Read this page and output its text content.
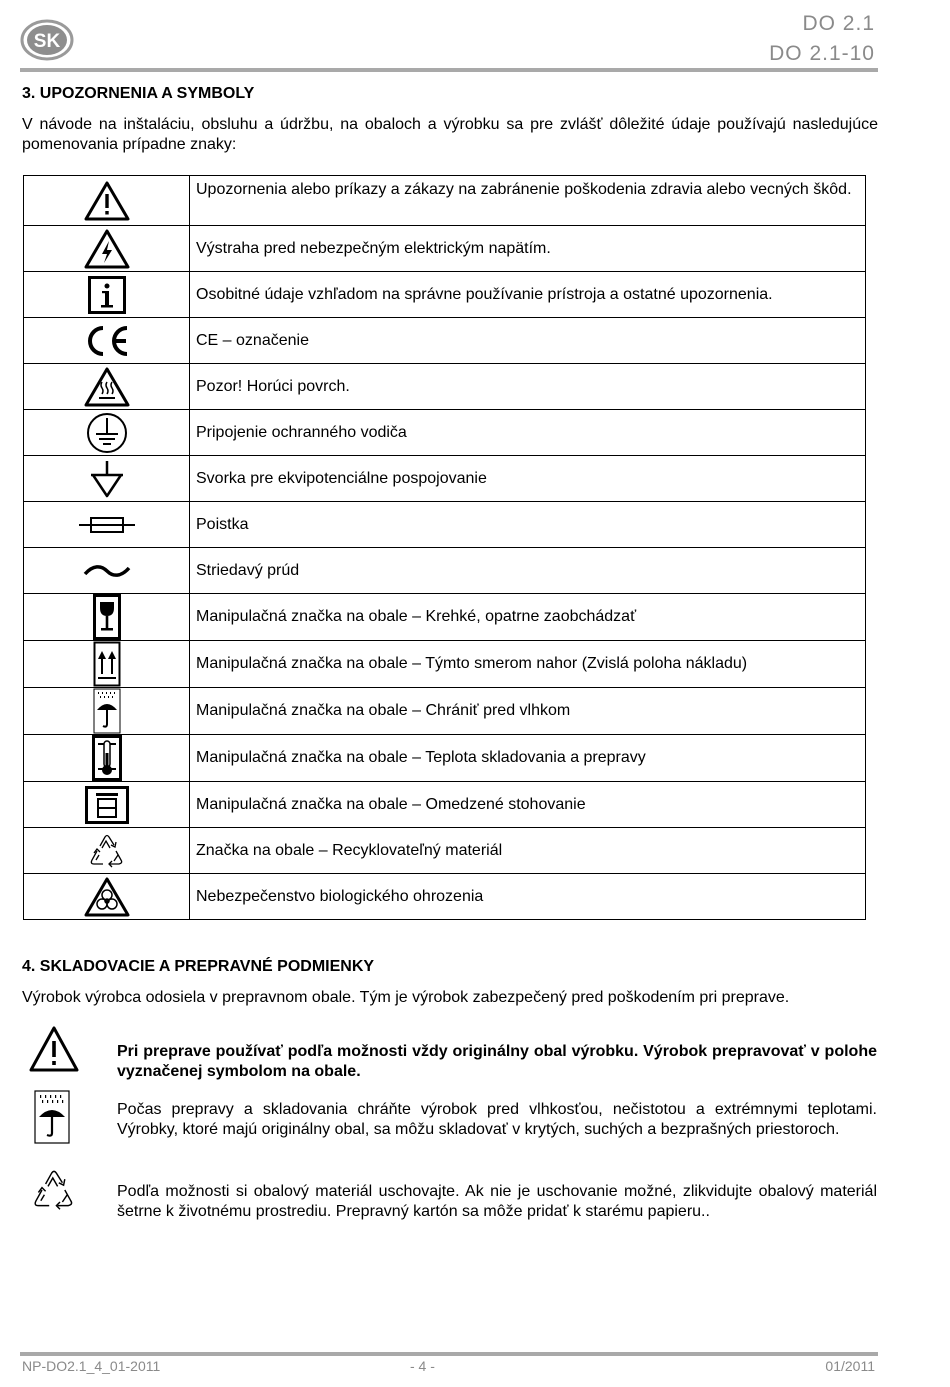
SK
DO 2.1
DO 2.1-10
3. UPOZORNENIA A SYMBOLY
V návode na inštaláciu, obsluhu a údržbu, na obaloch a výrobku sa pre zvlášť dôležité údaje používajú nasledujúce pomenovania prípadne znaky:
	Upozornenia alebo príkazy a zákazy na zabránenie poškodenia zdravia alebo vecných škôd.

	Výstraha pred nebezpečným elektrickým napätím.

	Osobitné údaje vzhľadom na správne používanie prístroja a ostatné upozornenia.

	CE – označenie

	Pozor! Horúci povrch.

	Pripojenie ochranného vodiča

	Svorka pre ekvipotenciálne pospojovanie

	Poistka

	Striedavý prúd

	Manipulačná značka na obale – Krehké, opatrne zaobchádzať

	Manipulačná značka na obale – Týmto smerom nahor (Zvislá poloha nákladu)

	Manipulačná značka na obale – Chrániť pred vlhkom

	Manipulačná značka na obale – Teplota skladovania a prepravy

	Manipulačná značka na obale – Omedzené stohovanie

	Značka na obale – Recyklovateľný materiál

	Nebezpečenstvo biologického ohrozenia
4. SKLADOVACIE A PREPRAVNÉ PODMIENKY
Výrobok výrobca odosiela v prepravnom obale. Tým je výrobok zabezpečený pred poškodením pri preprave.
Pri preprave používať podľa možnosti vždy originálny obal výrobku. Výrobok prepravovať v polohe vyznačenej symbolom na obale.
Počas prepravy a skladovania chráňte výrobok pred vlhkosťou, nečistotou a extrémnymi teplotami. Výrobky, ktoré majú originálny obal, sa môžu skladovať v krytých, suchých a bezprašných priestoroch.
Podľa možnosti si obalový materiál uschovajte. Ak nie je uschovanie možné, zlikvidujte obalový materiál šetrne k životnému prostrediu. Prepravný kartón sa môže pridať k starému papieru..
NP-DO2.1_4_01-2011	- 4 -	01/2011
